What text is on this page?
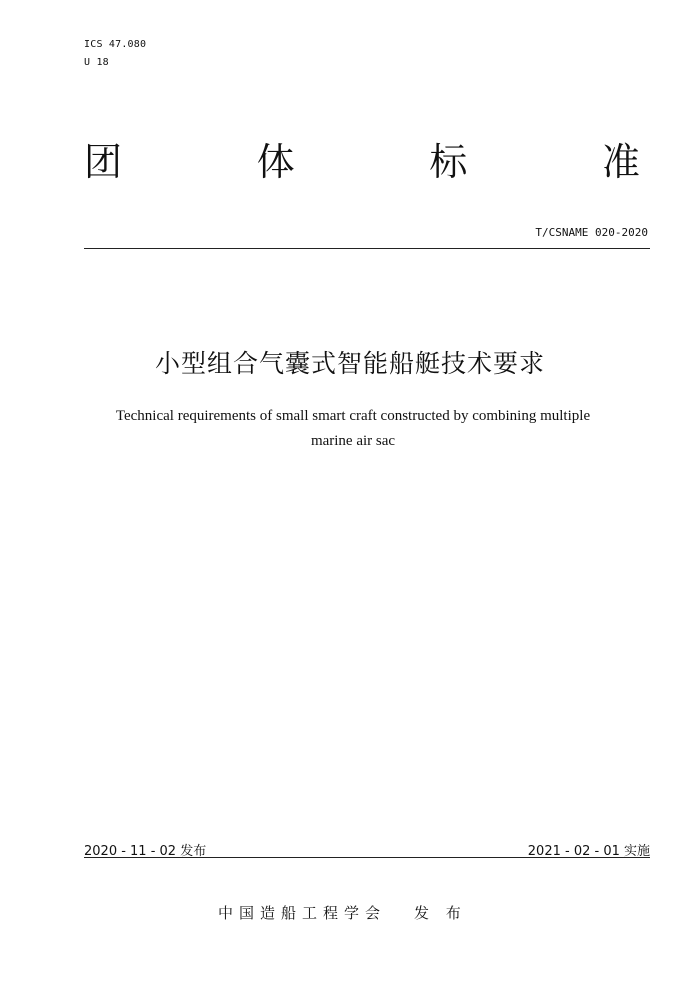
ICS 47.080
U 18
团	体	标	准
T/CSNAME 020-2020
小型组合气囊式智能船艇技术要求
Technical requirements of small smart craft constructed by combining multiple
marine air sac
2020 - 11 - 02 发布	2021 - 02 - 01 实施
中国造船工程学会 发 布
